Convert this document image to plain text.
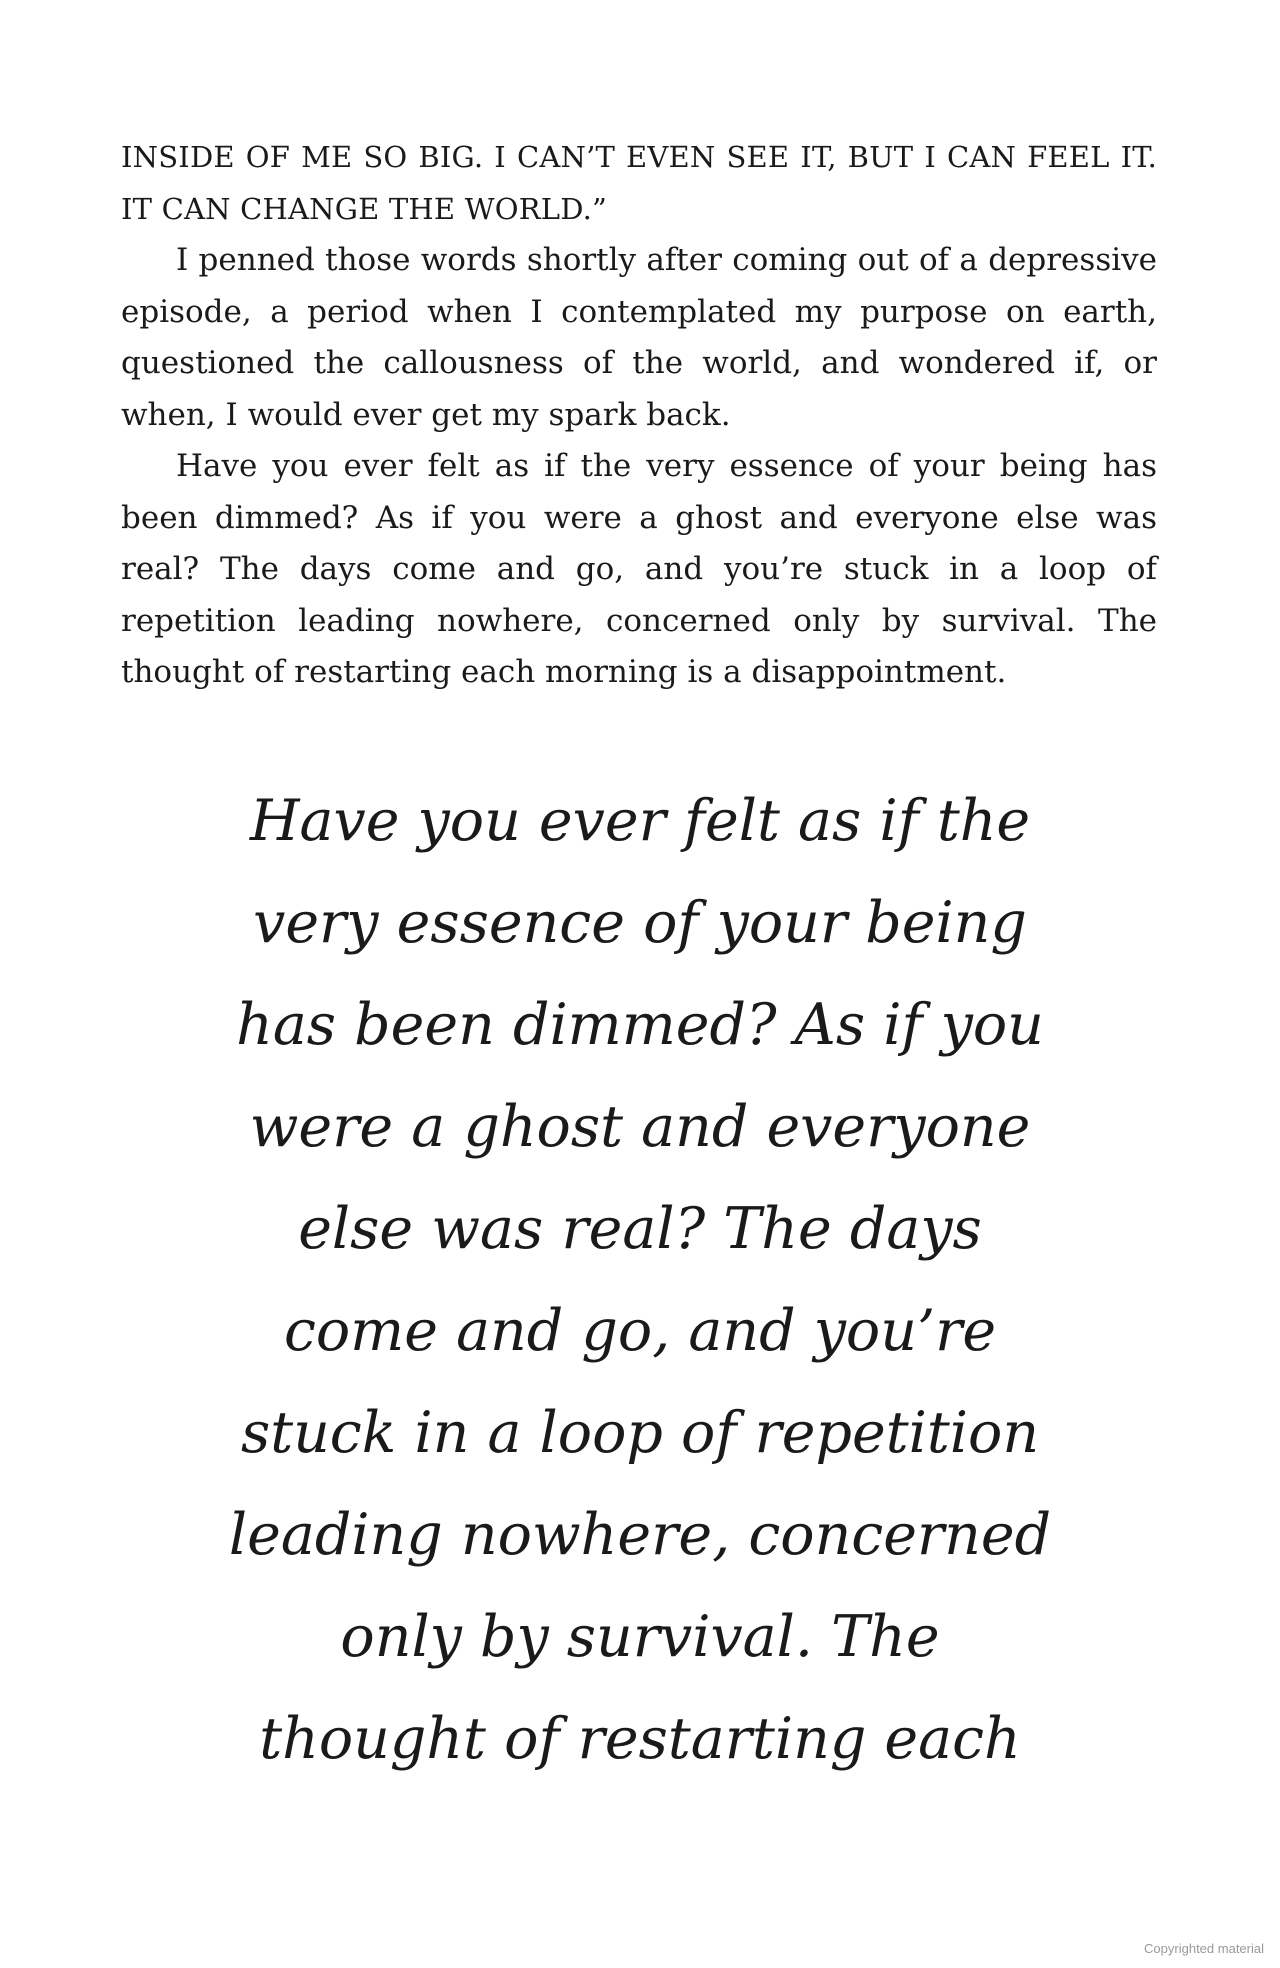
INSIDE OF ME SO BIG. I CAN’T EVEN SEE IT, BUT I CAN FEEL IT. IT CAN CHANGE THE WORLD.”

I penned those words shortly after coming out of a depressive episode, a period when I contemplated my purpose on earth, questioned the callousness of the world, and wondered if, or when, I would ever get my spark back.

Have you ever felt as if the very essence of your being has been dimmed? As if you were a ghost and everyone else was real? The days come and go, and you’re stuck in a loop of repetition leading nowhere, concerned only by survival. The thought of restarting each morning is a disappointment.

Have you ever felt as if the
very essence of your being
has been dimmed? As if you
were a ghost and everyone
else was real? The days
come and go, and you’re
stuck in a loop of repetition
leading nowhere, concerned
only by survival. The
thought of restarting each
Copyrighted material
